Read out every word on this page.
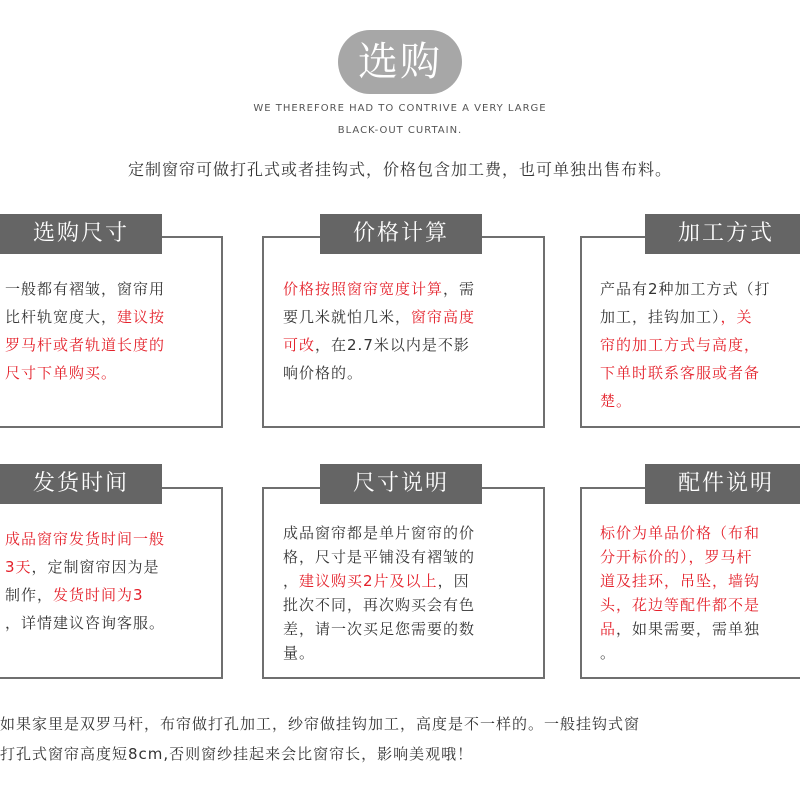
选购
WE THEREFORE HAD TO CONTRIVE A VERY LARGE
BLACK-OUT CURTAIN.
定制窗帘可做打孔式或者挂钩式，价格包含加工费，也可单独出售布料。
选购尺寸
一般都有褶皱，窗帘用
比杆轨宽度大，建议按
罗马杆或者轨道长度的
尺寸下单购买。
价格计算
价格按照窗帘宽度计算，需
要几米就怕几米，窗帘高度
可改，在2.7米以内是不影
响价格的。
加工方式
产品有2种加工方式（打
加工，挂钩加工），关
帘的加工方式与高度，
下单时联系客服或者备
楚。
发货时间
成品窗帘发货时间一般
3天，定制窗帘因为是
制作，发货时间为3
，详情建议咨询客服。
尺寸说明
成品窗帘都是单片窗帘的价
格，尺寸是平铺没有褶皱的
，建议购买2片及以上，因
批次不同，再次购买会有色
差，请一次买足您需要的数
量。
配件说明
标价为单品价格（布和
分开标价的），罗马杆
道及挂环，吊坠，墙钩
头，花边等配件都不是
品，如果需要，需单独
。
如果家里是双罗马杆，布帘做打孔加工，纱帘做挂钩加工，高度是不一样的。一般挂钩式窗
打孔式窗帘高度短8cm,否则窗纱挂起来会比窗帘长，影响美观哦！
